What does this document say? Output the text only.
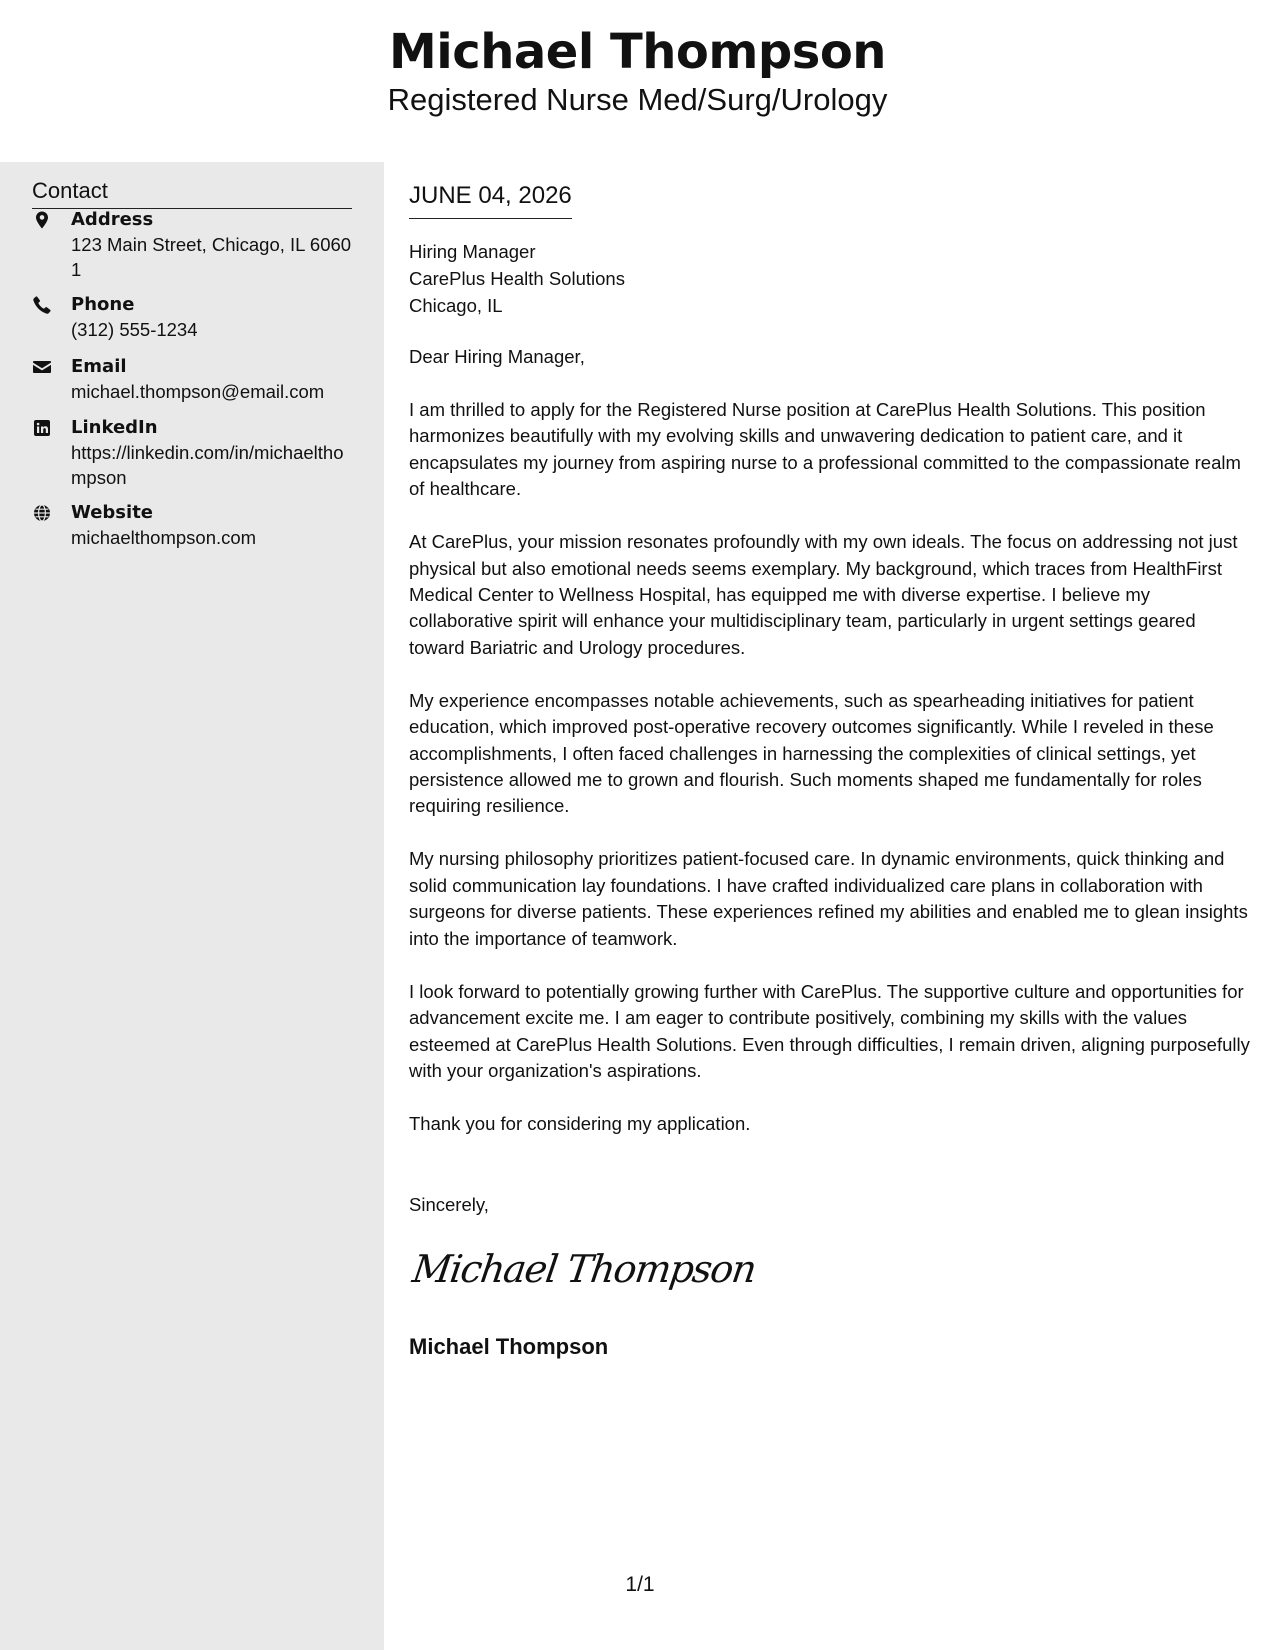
Michael Thompson
Registered Nurse Med/Surg/Urology
Contact
Address
123 Main Street, Chicago, IL 60601
Phone
(312) 555-1234
Email
michael.thompson@email.com
LinkedIn
https://linkedin.com/in/michaelthompson
Website
michaelthompson.com
JUNE 04, 2026
Hiring Manager
CarePlus Health Solutions
Chicago, IL

Dear Hiring Manager,

I am thrilled to apply for the Registered Nurse position at CarePlus Health Solutions. This position harmonizes beautifully with my evolving skills and unwavering dedication to patient care, and it encapsulates my journey from aspiring nurse to a professional committed to the compassionate realm of healthcare.

At CarePlus, your mission resonates profoundly with my own ideals. The focus on addressing not just physical but also emotional needs seems exemplary. My background, which traces from HealthFirst Medical Center to Wellness Hospital, has equipped me with diverse expertise. I believe my collaborative spirit will enhance your multidisciplinary team, particularly in urgent settings geared toward Bariatric and Urology procedures.

My experience encompasses notable achievements, such as spearheading initiatives for patient education, which improved post-operative recovery outcomes significantly. While I reveled in these accomplishments, I often faced challenges in harnessing the complexities of clinical settings, yet persistence allowed me to grown and flourish. Such moments shaped me fundamentally for roles requiring resilience.

My nursing philosophy prioritizes patient-focused care. In dynamic environments, quick thinking and solid communication lay foundations. I have crafted individualized care plans in collaboration with surgeons for diverse patients. These experiences refined my abilities and enabled me to glean insights into the importance of teamwork.

I look forward to potentially growing further with CarePlus. The supportive culture and opportunities for advancement excite me. I am eager to contribute positively, combining my skills with the values esteemed at CarePlus Health Solutions. Even through difficulties, I remain driven, aligning purposefully with your organization's aspirations.

Thank you for considering my application.

Sincerely,
Michael Thompson
Michael Thompson
1/1
